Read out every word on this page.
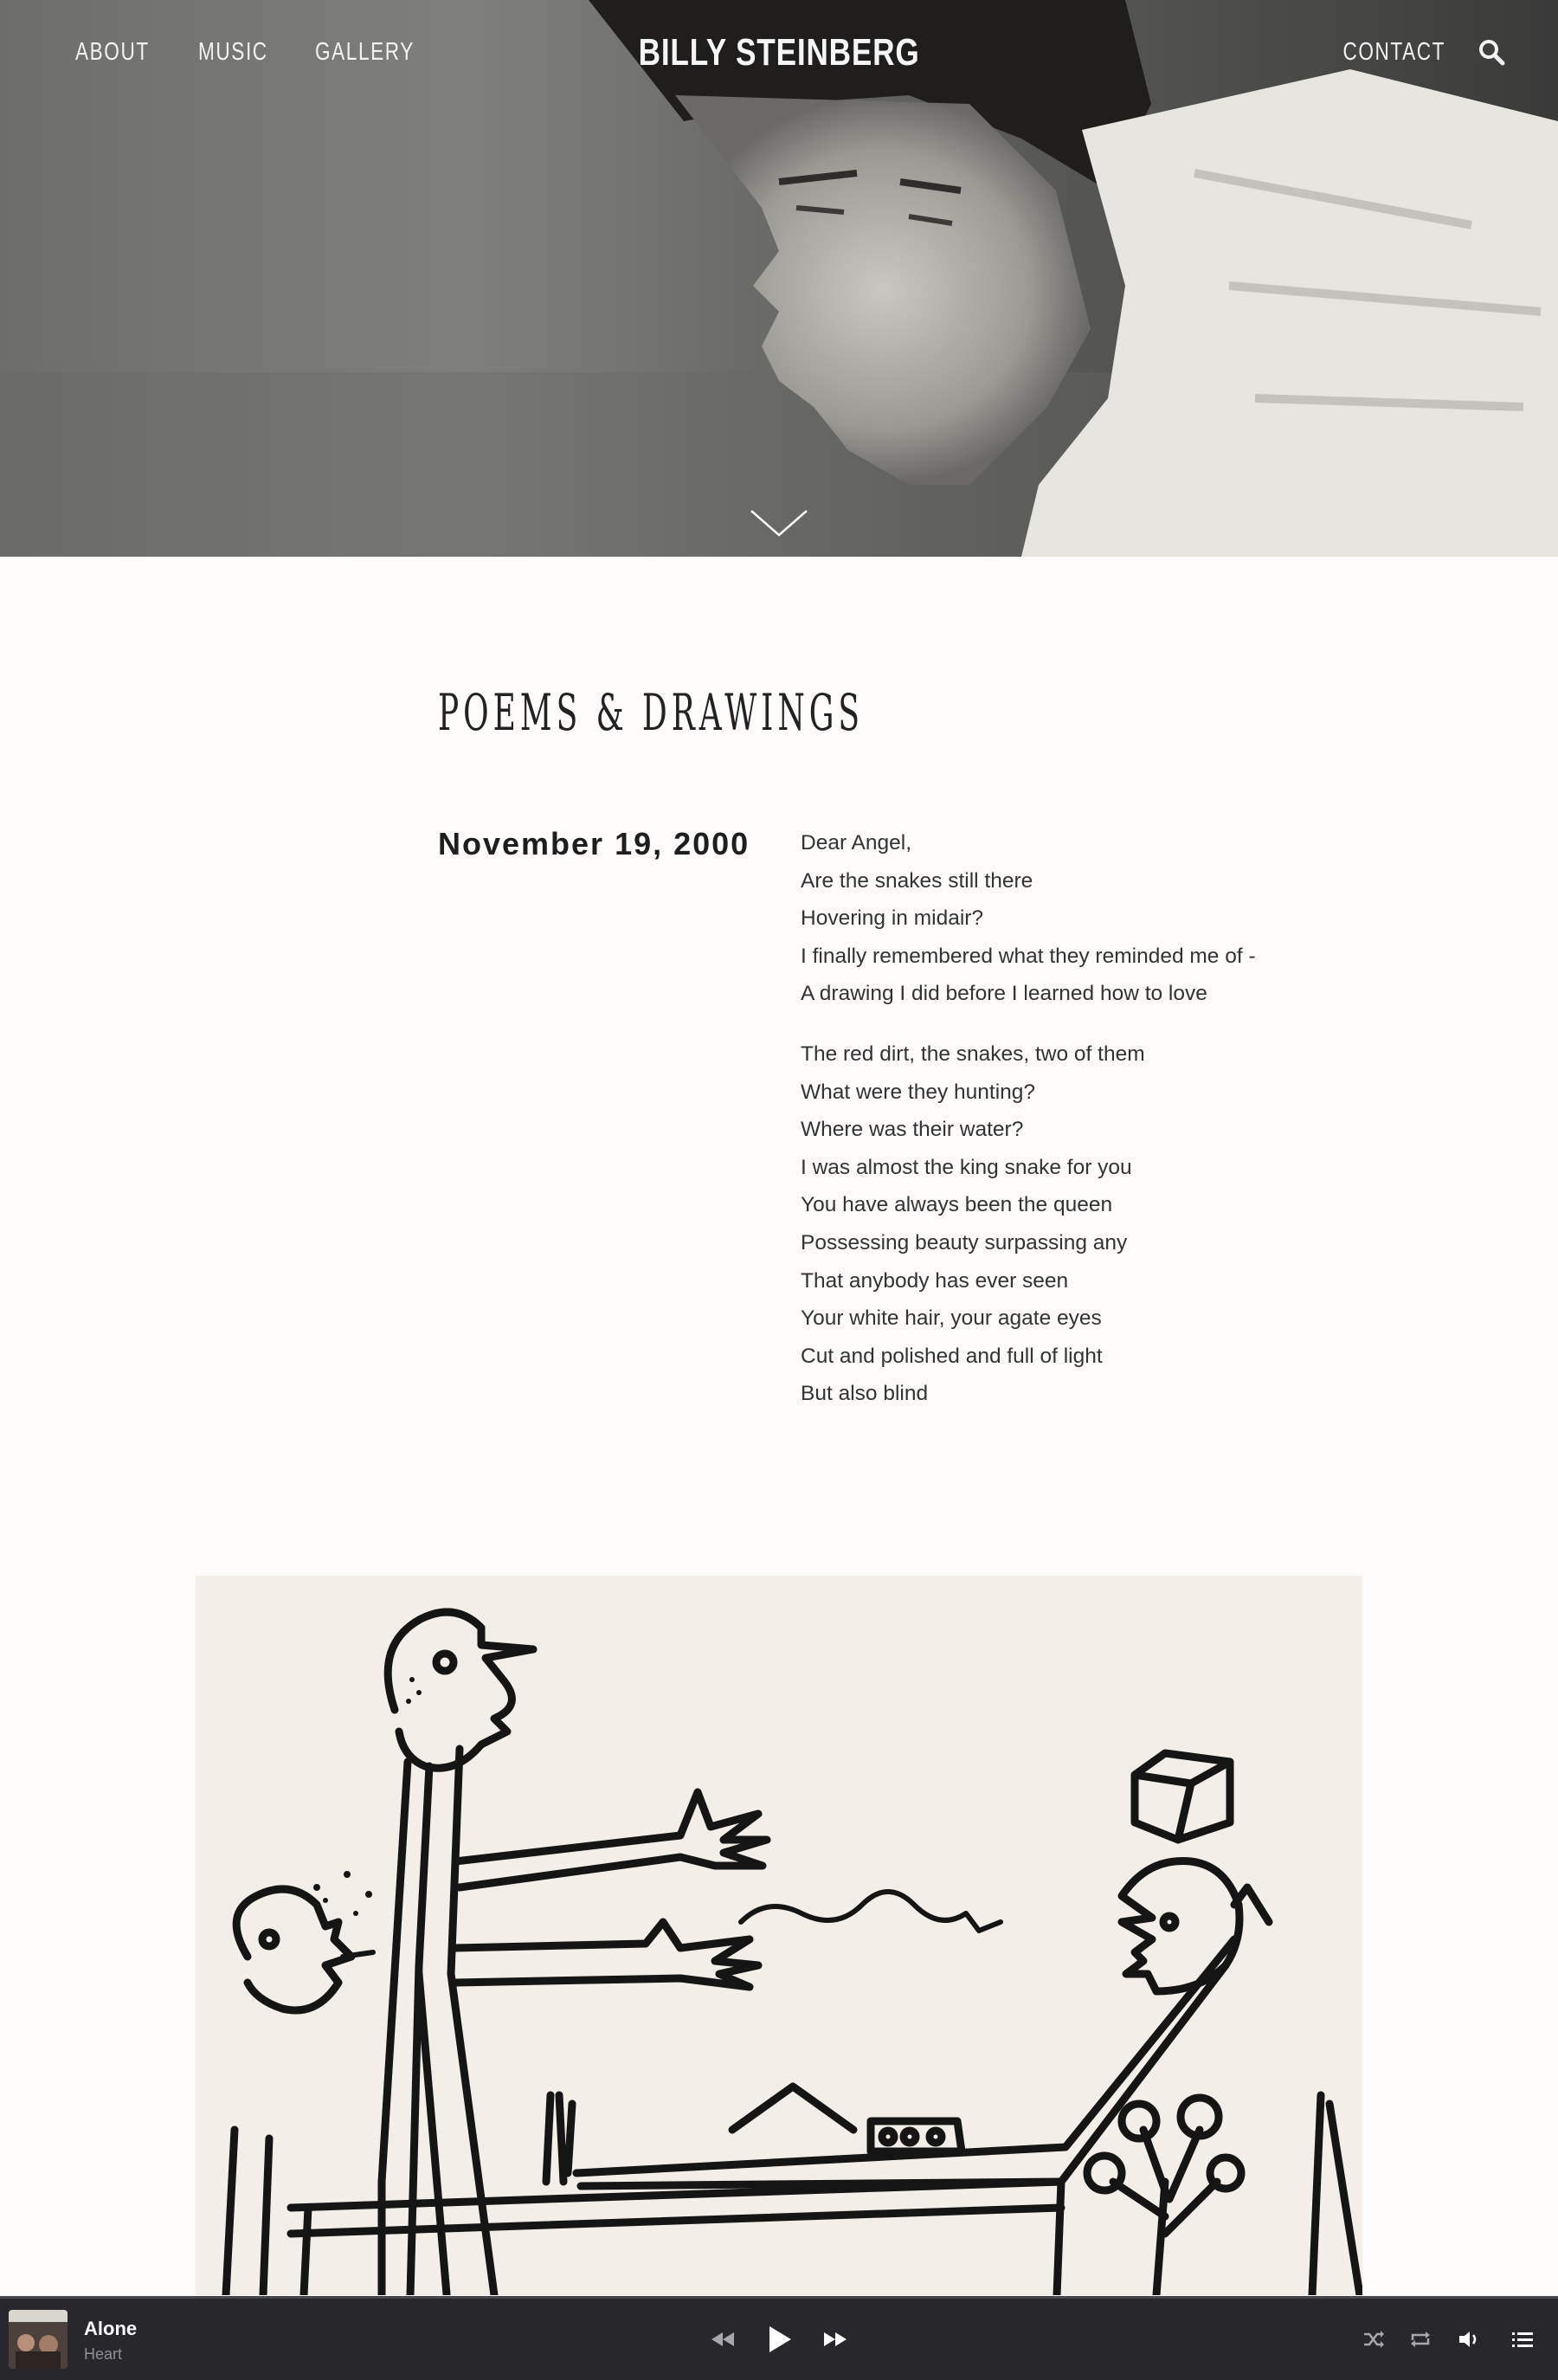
ABOUT MUSIC GALLERY	BILLY STEINBERG	CONTACT
POEMS & DRAWINGS
November 19, 2000 Dear Angel,
Are the snakes still there
Hovering in midair?
I finally remembered what they reminded me of -
A drawing I did before I learned how to love
The red dirt, the snakes, two of them
What were they hunting?
Where was their water?
I was almost the king snake for you
You have always been the queen
Possessing beauty surpassing any
That anybody has ever seen
Your white hair, your agate eyes
Cut and polished and full of light
But also blind
Alone
Heart
